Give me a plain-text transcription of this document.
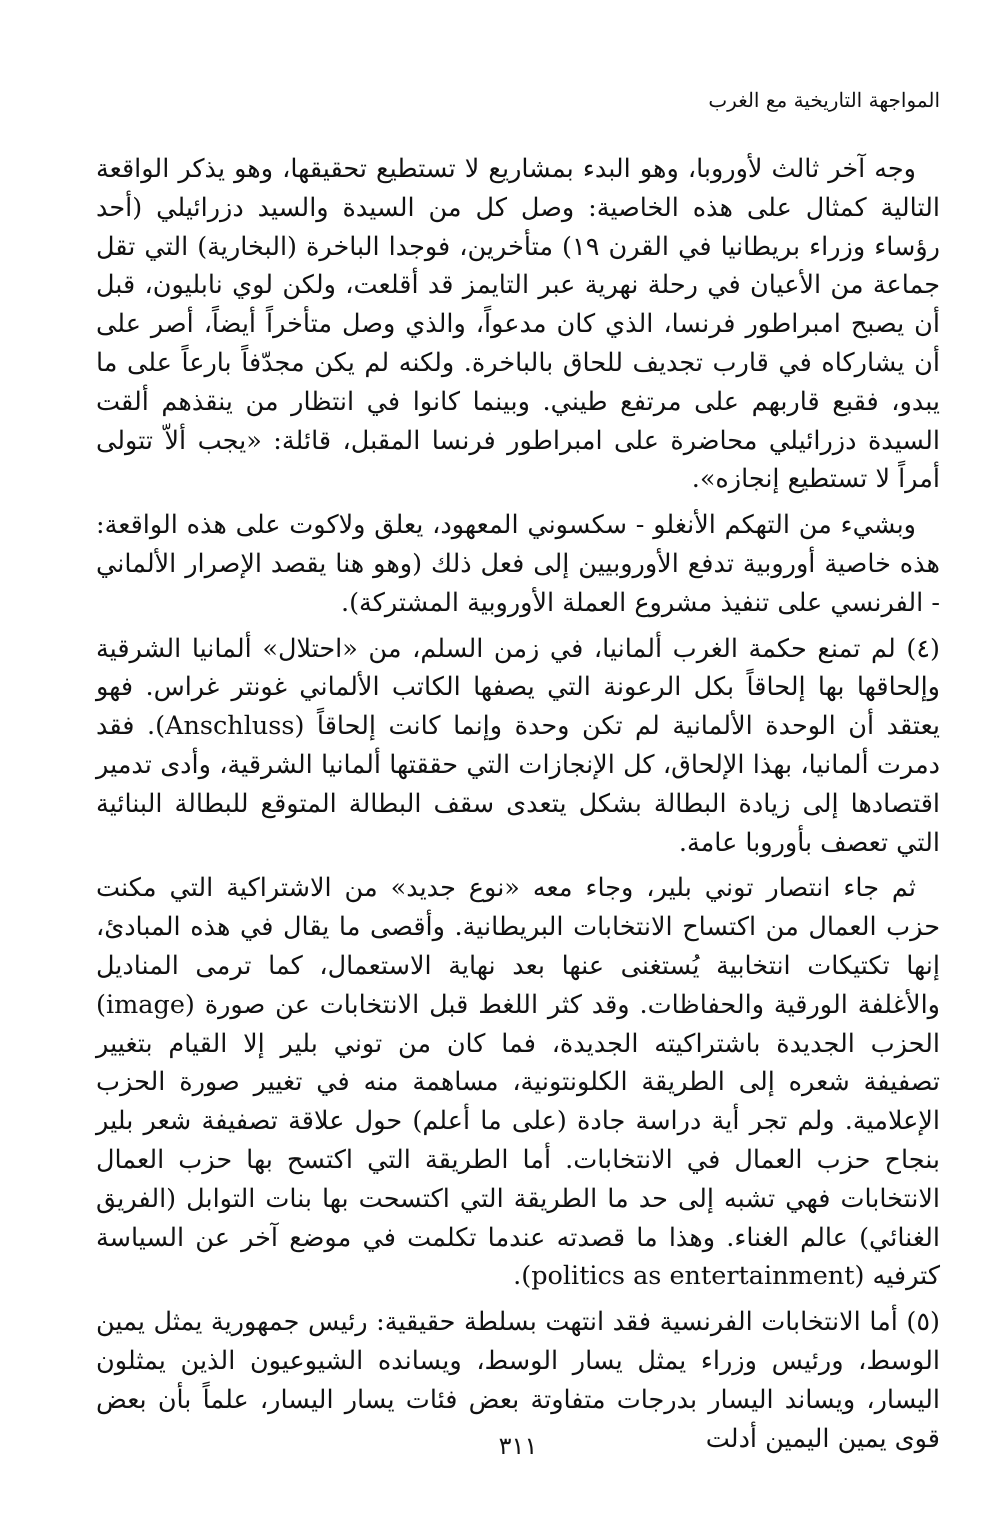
المواجهة التاريخية مع الغرب

وجه آخر ثالث لأوروبا، وهو البدء بمشاريع لا تستطيع تحقيقها، وهو يذكر الواقعة التالية كمثال على هذه الخاصية: وصل كل من السيدة والسيد دزرائيلي (أحد رؤساء وزراء بريطانيا في القرن ١٩) متأخرين، فوجدا الباخرة (البخارية) التي تقل جماعة من الأعيان في رحلة نهرية عبر التايمز قد أقلعت، ولكن لوي نابليون، قبل أن يصبح امبراطور فرنسا، الذي كان مدعواً، والذي وصل متأخراً أيضاً، أصر على أن يشاركاه في قارب تجديف للحاق بالباخرة. ولكنه لم يكن مجدّفاً بارعاً على ما يبدو، فقبع قاربهم على مرتفع طيني. وبينما كانوا في انتظار من ينقذهم ألقت السيدة دزرائيلي محاضرة على امبراطور فرنسا المقبل، قائلة: «يجب ألاّ تتولى أمراً لا تستطيع إنجازه».

وبشيء من التهكم الأنغلو - سكسوني المعهود، يعلق ولاكوت على هذه الواقعة: هذه خاصية أوروبية تدفع الأوروبيين إلى فعل ذلك (وهو هنا يقصد الإصرار الألماني - الفرنسي على تنفيذ مشروع العملة الأوروبية المشتركة).

(٤) لم تمنع حكمة الغرب ألمانيا، في زمن السلم، من «احتلال» ألمانيا الشرقية وإلحاقها بها إلحاقاً بكل الرعونة التي يصفها الكاتب الألماني غونتر غراس. فهو يعتقد أن الوحدة الألمانية لم تكن وحدة وإنما كانت إلحاقاً (Anschluss). فقد دمرت ألمانيا، بهذا الإلحاق، كل الإنجازات التي حققتها ألمانيا الشرقية، وأدى تدمير اقتصادها إلى زيادة البطالة بشكل يتعدى سقف البطالة المتوقع للبطالة البنائية التي تعصف بأوروبا عامة.

ثم جاء انتصار توني بلير، وجاء معه «نوع جديد» من الاشتراكية التي مكنت حزب العمال من اكتساح الانتخابات البريطانية. وأقصى ما يقال في هذه المبادئ، إنها تكتيكات انتخابية يُستغنى عنها بعد نهاية الاستعمال، كما ترمى المناديل والأغلفة الورقية والحفاظات. وقد كثر اللغط قبل الانتخابات عن صورة (image) الحزب الجديدة باشتراكيته الجديدة، فما كان من توني بلير إلا القيام بتغيير تصفيفة شعره إلى الطريقة الكلونتونية، مساهمة منه في تغيير صورة الحزب الإعلامية. ولم تجر أية دراسة جادة (على ما أعلم) حول علاقة تصفيفة شعر بلير بنجاح حزب العمال في الانتخابات. أما الطريقة التي اكتسح بها حزب العمال الانتخابات فهي تشبه إلى حد ما الطريقة التي اكتسحت بها بنات التوابل (الفريق الغنائي) عالم الغناء. وهذا ما قصدته عندما تكلمت في موضع آخر عن السياسة كترفيه (politics as entertainment).

(٥) أما الانتخابات الفرنسية فقد انتهت بسلطة حقيقية: رئيس جمهورية يمثل يمين الوسط، ورئيس وزراء يمثل يسار الوسط، ويسانده الشيوعيون الذين يمثلون اليسار، ويساند اليسار بدرجات متفاوتة بعض فئات يسار اليسار، علماً بأن بعض قوى يمين اليمين أدلت

٣١١
